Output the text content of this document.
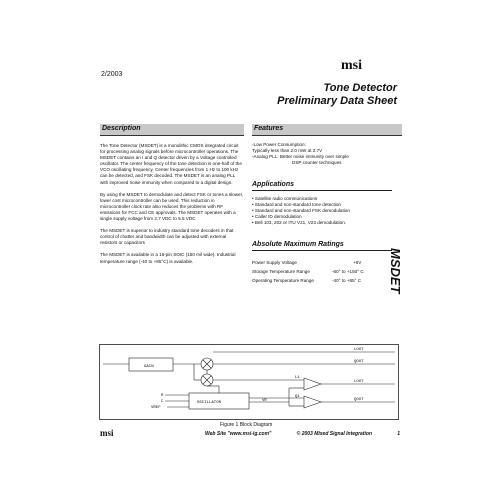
msi
2/2003
Tone Detector
Preliminary Data Sheet
Description

The Tone Detector (MSDET) is a monolithic CMOS integrated circuit for processing analog signals before microcontroller operations. The MSDET contains an I and Q detector driven by a Voltage controlled oscillator. The center frequency of the tone detection is one-half of the VCO oscillating frequency. Center frequencies from 1 Hz to 100 kHz can be detected, and FSK decoded. The MSDET is an analog PLL with improved noise immunity when compared to a digital design.

By using the MSDET to demodulate and detect FSK or tones a slower, lower cost microcontroller can be used. This reduction in microcontroller clock rate also reduces the problems with RF emissions for FCC and CE approvals. The MSDET operates with a single supply voltage from 2.7 VDC to 5.5 VDC

The MSDET is superior to industry standard tone decoders in that control of chatter and bandwidth can be adjusted with external resistors or capacitors

The MSDET is available in a 16-pin SOIC (150 mil wide). Industrial temperature range (-40 to +85°C) is available.

Features
-Low Power Consumption:
Typically less than 2.0 mW at 2.7V
-Analog PLL: Better noise immunity over simple
DSP counter techniques
Applications
• Satellite radio communications
• Standard and non-standard tone detection
• Standard and non-standard FSK demodulation
• Caller ID demodulation
• Bell 103, 202 or ITU V21, V23 demodulation.
Absolute Maximum Ratings
Power Supply Voltage	+6V
Storage Temperature Range	-60° to +150° C
Operating Temperature Range	-40° to +85° C MSDET
GAIN
OSCILLATOR
R
C
VREF
VR
LOUT
QOUT
L1
Q1
LOUT
QOUT
Figure 1 Block Diagram
msi	Web Site "www.msi-ig.com"	© 2003 Mixed Signal Integration	1
